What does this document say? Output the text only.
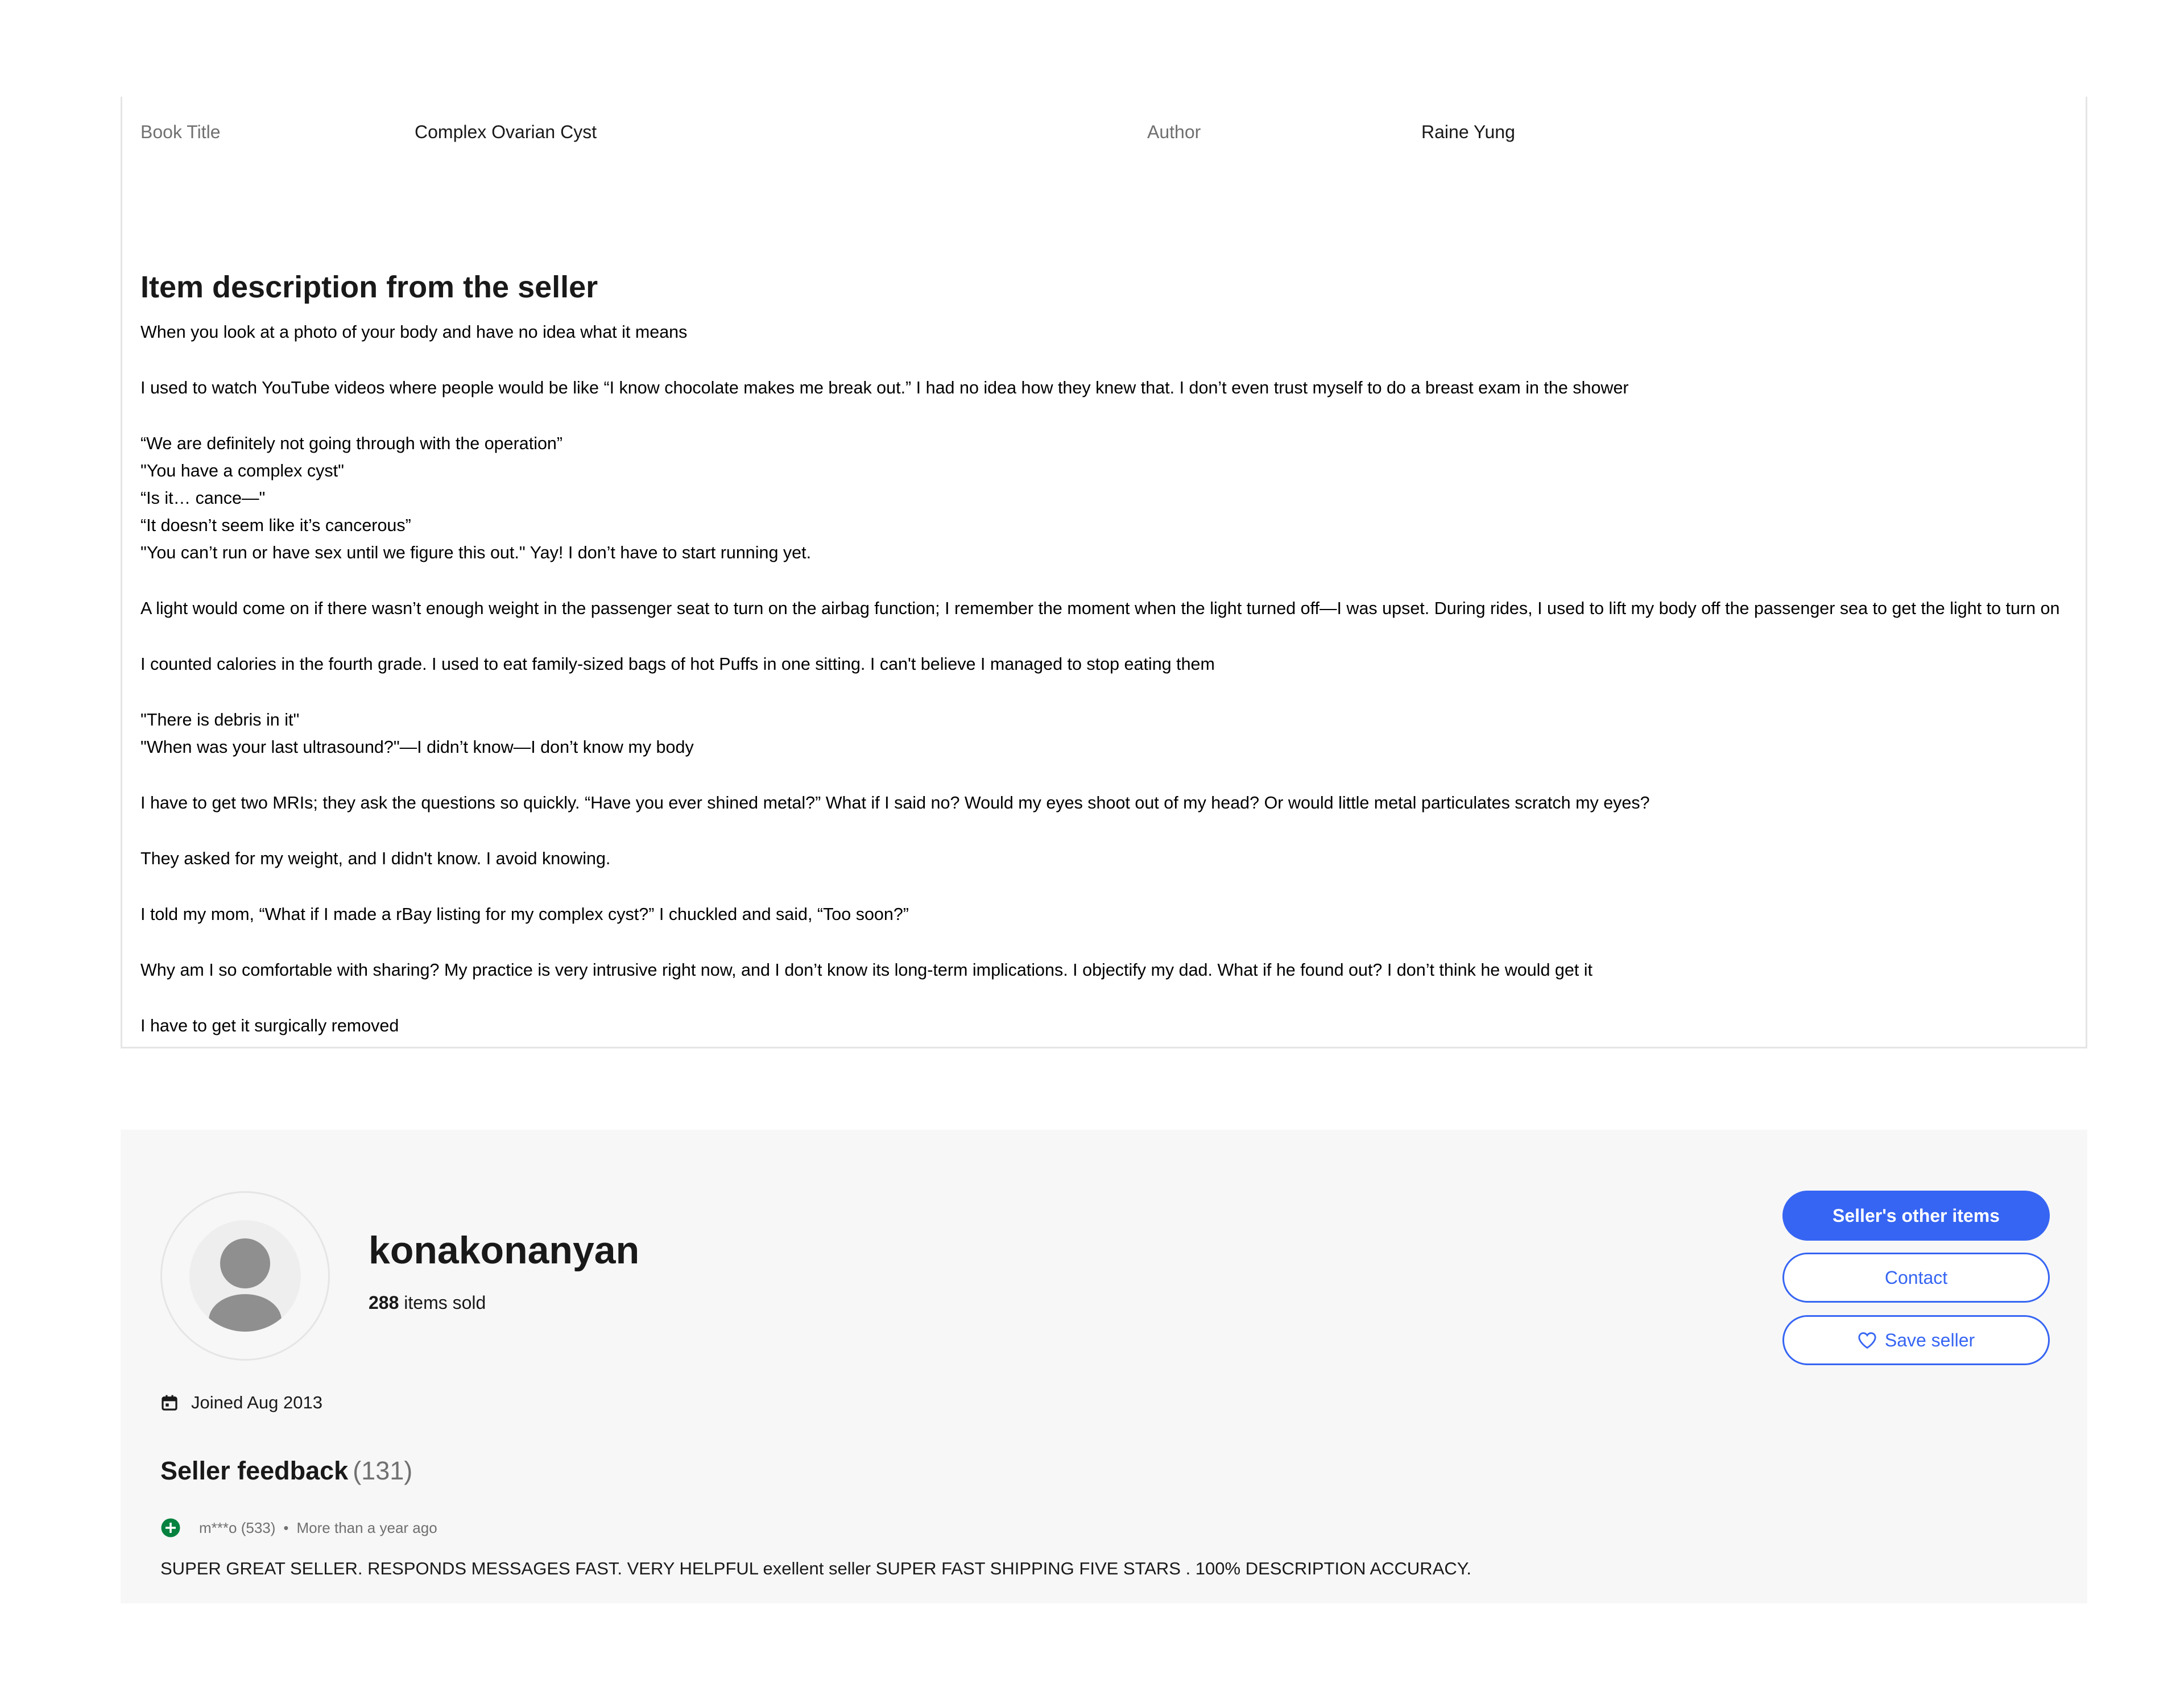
Book Title	Complex Ovarian Cyst	Author	Raine Yung
Item description from the seller

When you look at a photo of your body and have no idea what it means

I used to watch YouTube videos where people would be like “I know chocolate makes me break out.” I had no idea how they knew that. I don’t even trust myself to do a breast exam in the shower

“We are definitely not going through with the operation”
"You have a complex cyst"
“Is it… cance—"
“It doesn’t seem like it’s cancerous”
"You can’t run or have sex until we figure this out." Yay! I don’t have to start running yet.

A light would come on if there wasn’t enough weight in the passenger seat to turn on the airbag function; I remember the moment when the light turned off—I was upset. During rides, I used to lift my body off the passenger sea to get the light to turn on

I counted calories in the fourth grade. I used to eat family-sized bags of hot Puffs in one sitting. I can't believe I managed to stop eating them

"There is debris in it"
"When was your last ultrasound?"—I didn’t know—I don’t know my body

I have to get two MRIs; they ask the questions so quickly. “Have you ever shined metal?” What if I said no? Would my eyes shoot out of my head? Or would little metal particulates scratch my eyes?

They asked for my weight, and I didn't know. I avoid knowing.

I told my mom, “What if I made a rBay listing for my complex cyst?” I chuckled and said, “Too soon?”

Why am I so comfortable with sharing? My practice is very intrusive right now, and I don’t know its long-term implications. I objectify my dad. What if he found out? I don’t think he would get it

I have to get it surgically removed

konakonanyan
288 items sold
Seller's other items
Contact
Save seller
Joined Aug 2013
Seller feedback (131)
m***o (533) • More than a year ago
SUPER GREAT SELLER. RESPONDS MESSAGES FAST. VERY HELPFUL exellent seller SUPER FAST SHIPPING FIVE STARS . 100% DESCRIPTION ACCURACY.
